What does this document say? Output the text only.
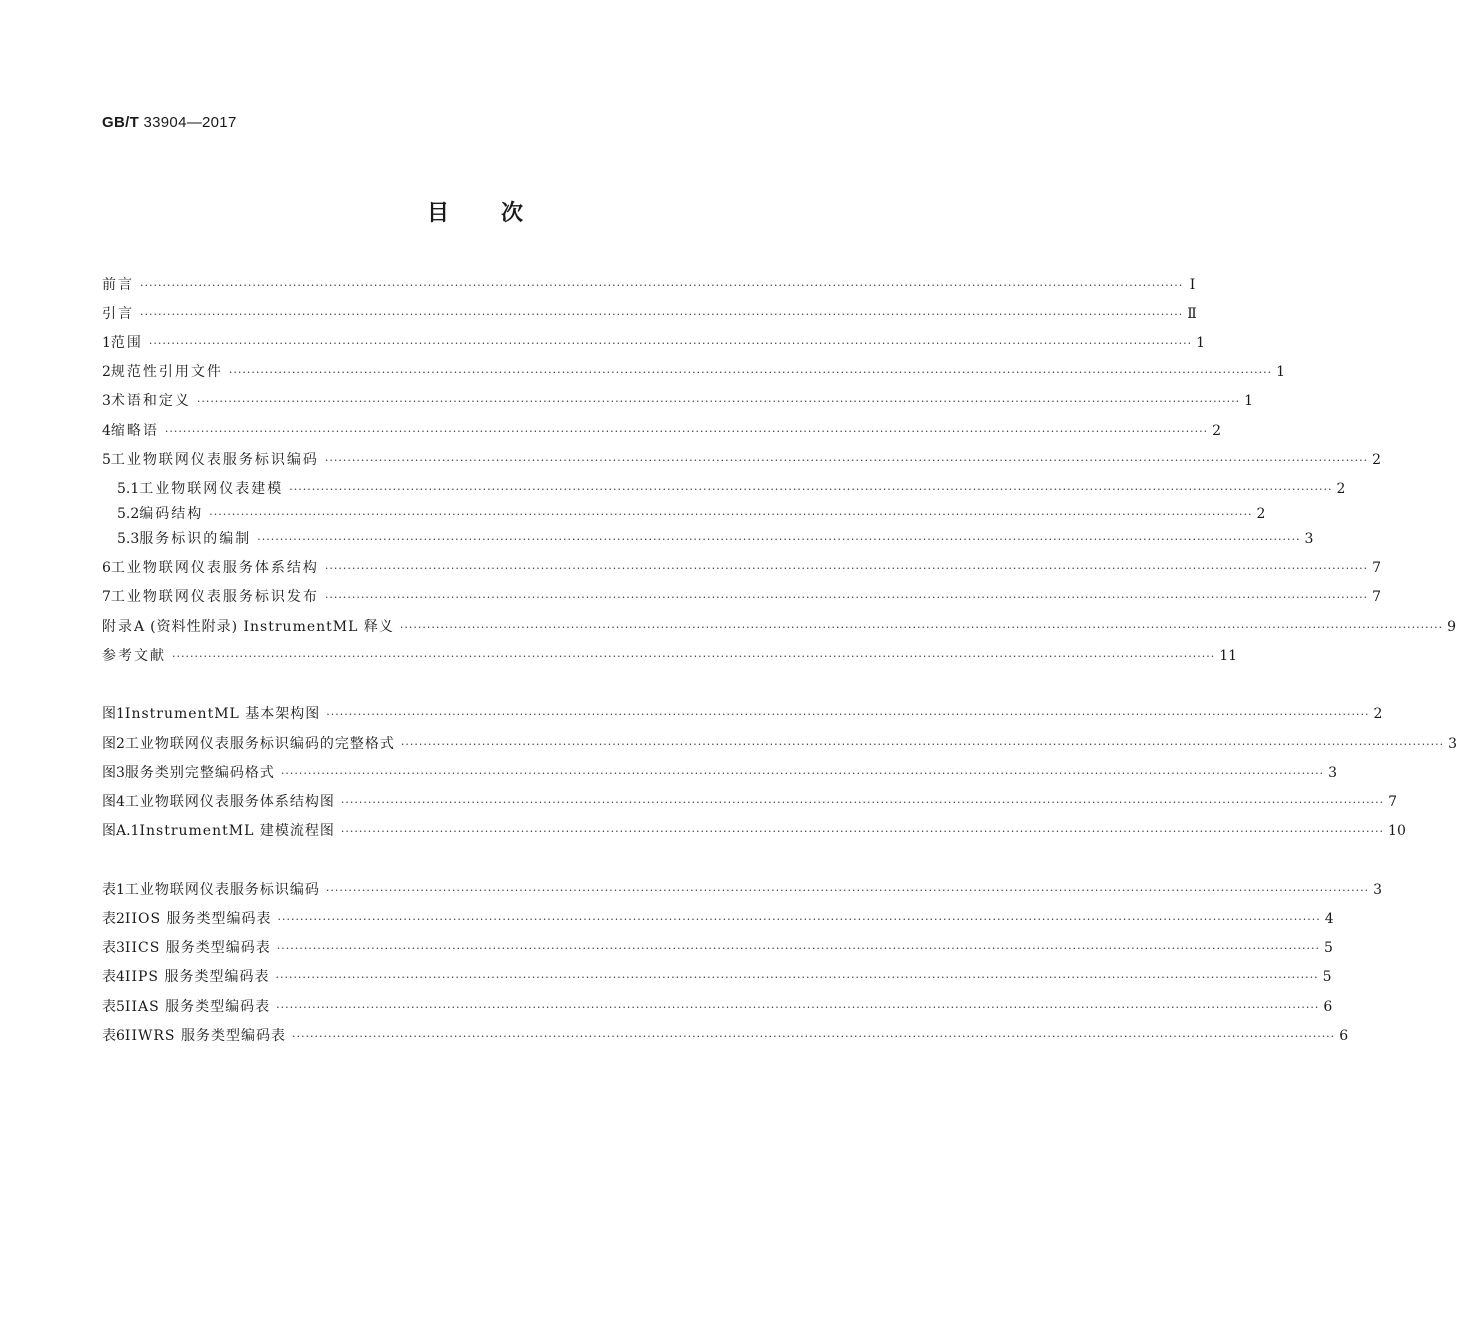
GB/T 33904—2017
目 次
前言 ·····	Ⅰ
引言 ·····	Ⅱ
1 范围 ·····	1
2 规范性引用文件 ·····	1
3 术语和定义 ·····	1
4 缩略语 ·····	2
5 工业物联网仪表服务标识编码 ·····	2
5.1 工业物联网仪表建模 ·····	2
5.2 编码结构 ·····	2
5.3 服务标识的编制 ·····	3
6 工业物联网仪表服务体系结构 ·····	7
7 工业物联网仪表服务标识发布 ·····	7
附录A (资料性附录) InstrumentML 释义 ·····	9
参考文献 ·····	11
图1 InstrumentML 基本架构图 ·····	2
图2 工业物联网仪表服务标识编码的完整格式 ·····	3
图3 服务类别完整编码格式 ·····	3
图4 工业物联网仪表服务体系结构图 ·····	7
图A.1 InstrumentML 建模流程图 ·····	10
表1 工业物联网仪表服务标识编码 ·····	3
表2 IIOS 服务类型编码表 ·····	4
表3 IICS 服务类型编码表 ·····	5
表4 IIPS 服务类型编码表 ·····	5
表5 IIAS 服务类型编码表 ·····	6
表6 IIWRS 服务类型编码表 ·····	6
